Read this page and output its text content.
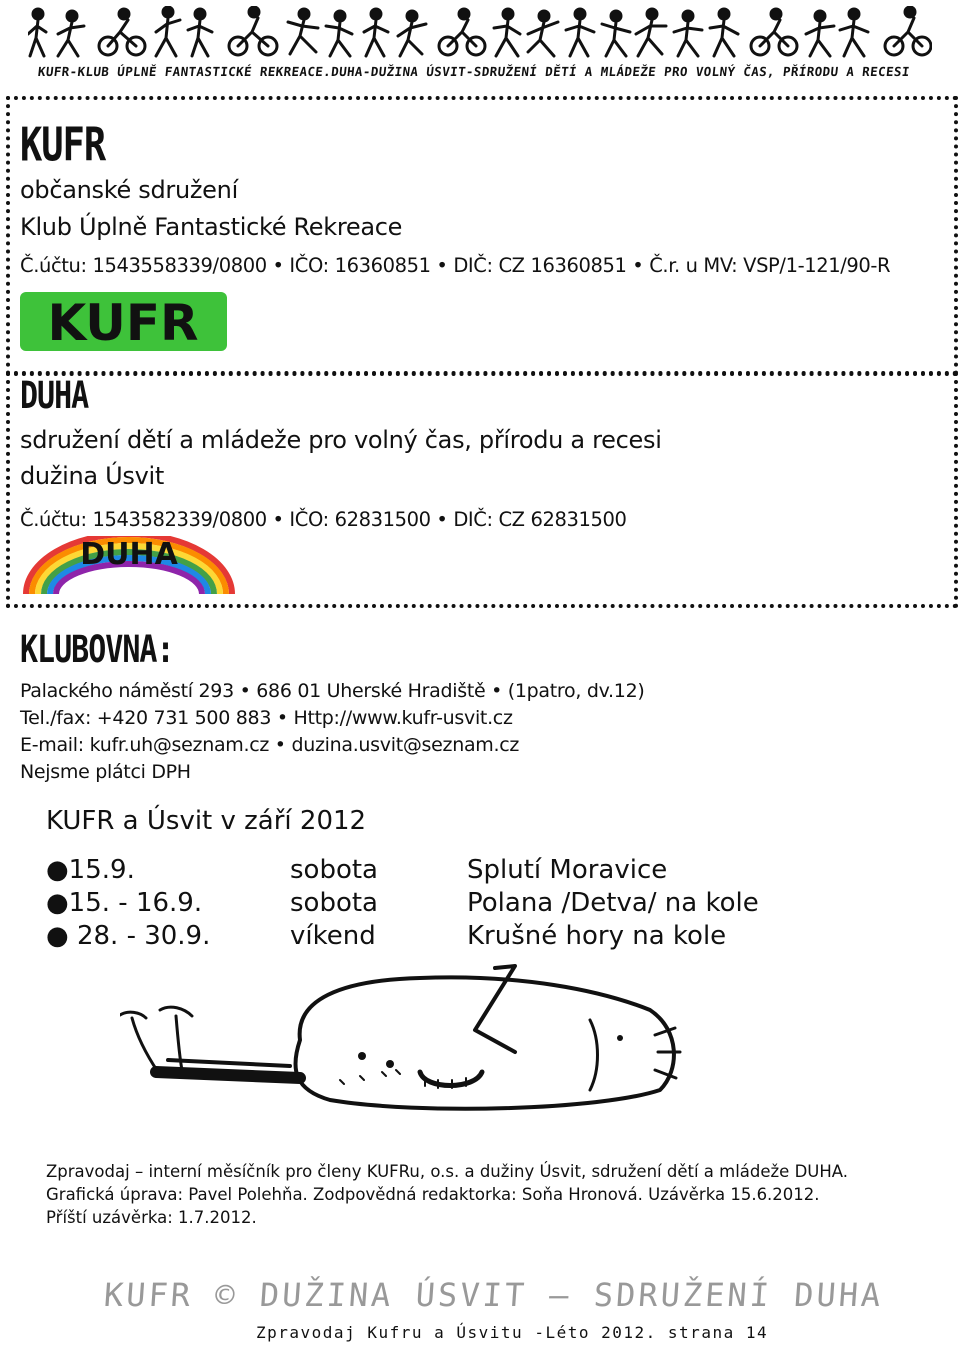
KUFR-KLUB ÚPLNĚ FANTASTICKÉ REKREACE.DUHA-DUŽINA ÚSVIT-SDRUŽENÍ DĚTÍ A MLÁDEŽE PRO VOLNÝ ČAS, PŘÍRODU A RECESI
KUFR
občanské sdružení
Klub Úplně Fantastické Rekreace
Č.účtu: 1543558339/0800 • IČO: 16360851 • DIČ: CZ 16360851 • Č.r. u MV: VSP/1-121/90-R
KUFR
DUHA
sdružení dětí a mládeže pro volný čas, přírodu a recesi
dužina Úsvit
Č.účtu: 1543582339/0800 • IČO: 62831500 • DIČ: CZ 62831500
DUHA
KLUBOVNA:
Palackého náměstí 293 • 686 01 Uherské Hradiště • (1patro, dv.12)
Tel./fax: +420 731 500 883 • Http://www.kufr-usvit.cz
E-mail: kufr.uh@seznam.cz • duzina.usvit@seznam.cz
Nejsme plátci DPH
KUFR a Úsvit v září 2012
●15.9.	sobota	Splutí Moravice
●15. - 16.9.	sobota	Polana /Detva/ na kole
● 28. - 30.9.	víkend	Krušné hory na kole
Zpravodaj – interní měsíčník pro členy KUFRu, o.s. a dužiny Úsvit, sdružení dětí a mládeže DUHA.
Grafická úprava: Pavel Polehňa. Zodpovědná redaktorka: Soňa Hronová. Uzávěrka 15.6.2012.
Příští uzávěrka: 1.7.2012.
KUFR © DUŽINA ÚSVIT – SDRUŽENÍ DUHA
Zpravodaj Kufru a Úsvitu -Léto 2012. strana 14
